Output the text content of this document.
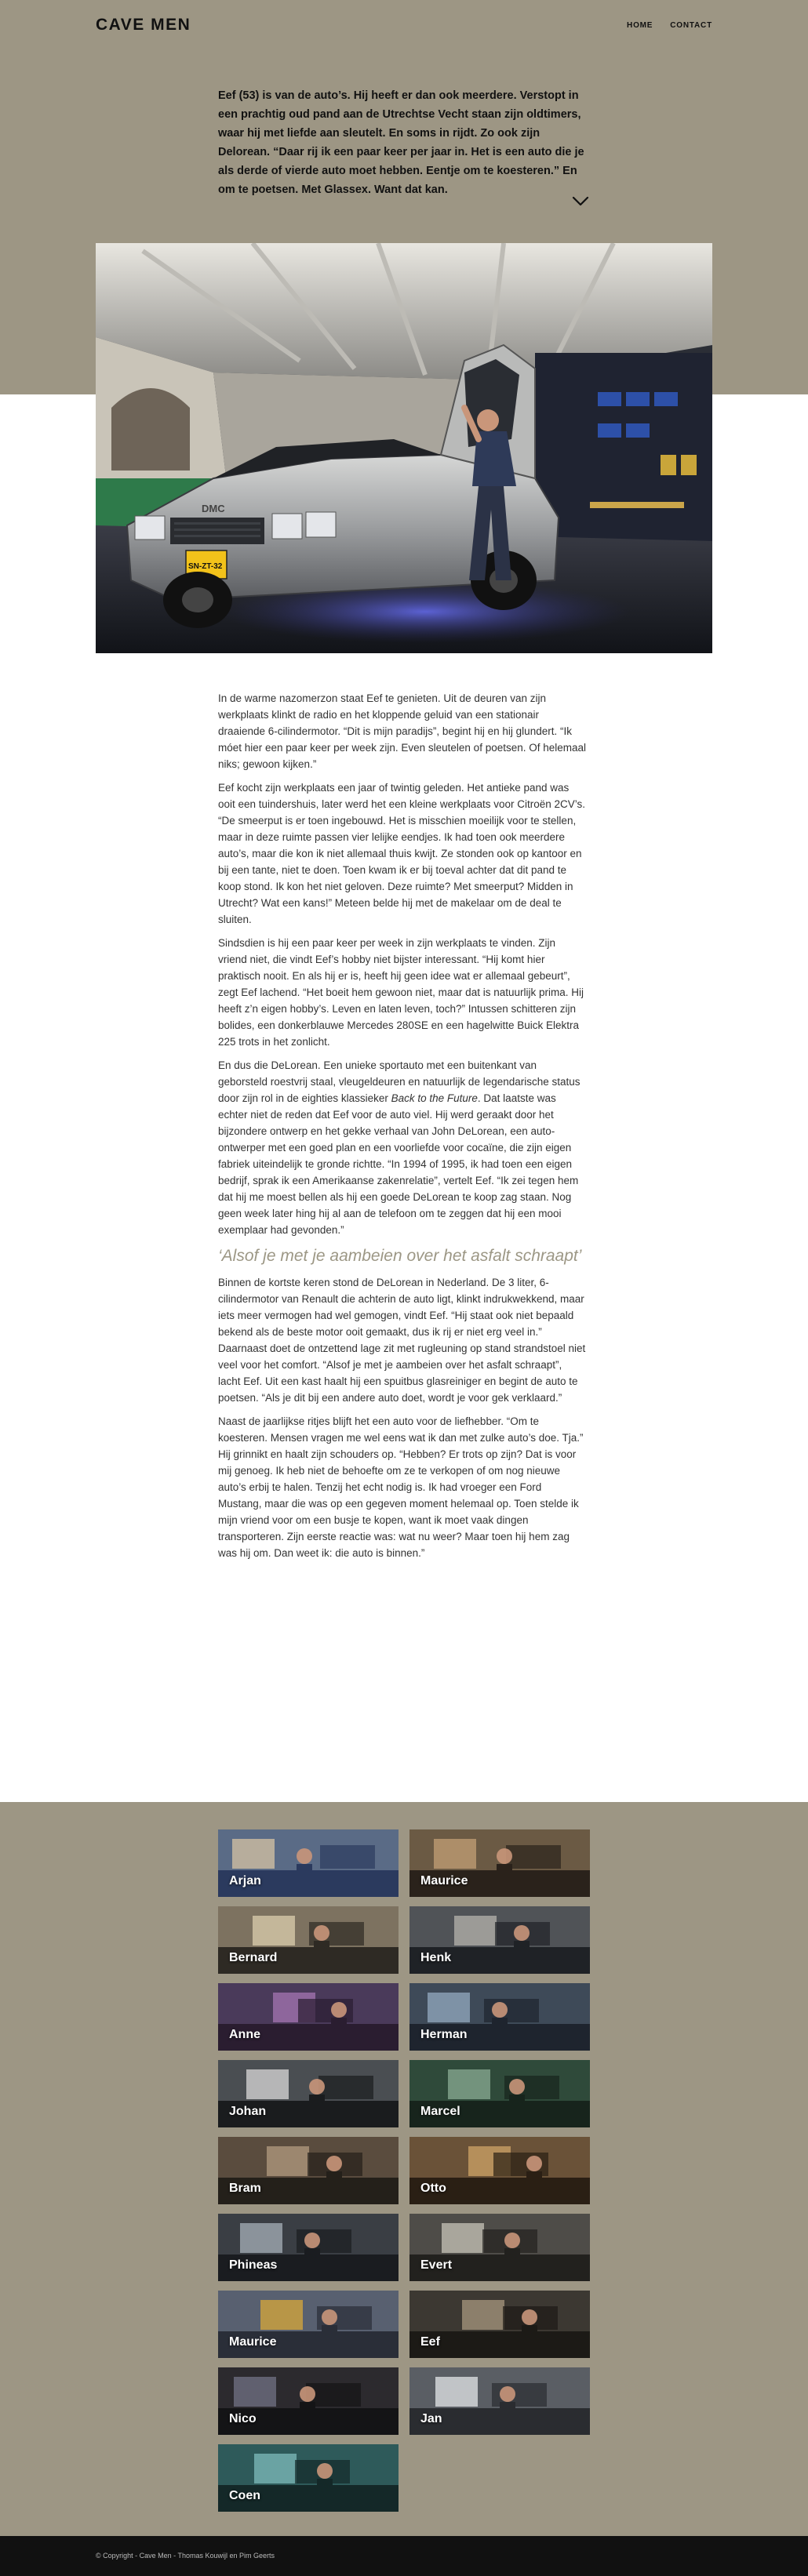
CAVE MEN	HOME CONTACT

Eef (53) is van de auto’s. Hij heeft er dan ook meerdere. Verstopt in een prachtig oud pand aan de Utrechtse Vecht staan zijn oldtimers, waar hij met liefde aan sleutelt. En soms in rijdt. Zo ook zijn Delorean. “Daar rij ik een paar keer per jaar in. Het is een auto die je als derde of vierde auto moet hebben. Eentje om te koesteren.” En om te poetsen. Met Glassex. Want dat kan.

DMC
SN-ZT-32

In de warme nazomerzon staat Eef te genieten. Uit de deuren van zijn werkplaats klinkt de radio en het kloppende geluid van een stationair draaiende 6-cilindermotor. “Dit is mijn paradijs”, begint hij en hij glundert. “Ik móet hier een paar keer per week zijn. Even sleutelen of poetsen. Of helemaal niks; gewoon kijken.”

Eef kocht zijn werkplaats een jaar of twintig geleden. Het antieke pand was ooit een tuindershuis, later werd het een kleine werkplaats voor Citroën 2CV’s. “De smeerput is er toen ingebouwd. Het is misschien moeilijk voor te stellen, maar in deze ruimte passen vier lelijke eendjes. Ik had toen ook meerdere auto’s, maar die kon ik niet allemaal thuis kwijt. Ze stonden ook op kantoor en bij een tante, niet te doen. Toen kwam ik er bij toeval achter dat dit pand te koop stond. Ik kon het niet geloven. Deze ruimte? Met smeerput? Midden in Utrecht? Wat een kans!” Meteen belde hij met de makelaar om de deal te sluiten.

Sindsdien is hij een paar keer per week in zijn werkplaats te vinden. Zijn vriend niet, die vindt Eef’s hobby niet bijster interessant. “Hij komt hier praktisch nooit. En als hij er is, heeft hij geen idee wat er allemaal gebeurt”, zegt Eef lachend. “Het boeit hem gewoon niet, maar dat is natuurlijk prima. Hij heeft z’n eigen hobby’s. Leven en laten leven, toch?” Intussen schitteren zijn bolides, een donkerblauwe Mercedes 280SE en een hagelwitte Buick Elektra 225 trots in het zonlicht.

En dus die DeLorean. Een unieke sportauto met een buitenkant van geborsteld roestvrij staal, vleugeldeuren en natuurlijk de legendarische status door zijn rol in de eighties klassieker Back to the Future. Dat laatste was echter niet de reden dat Eef voor de auto viel. Hij werd geraakt door het bijzondere ontwerp en het gekke verhaal van John DeLorean, een auto-ontwerper met een goed plan en een voorliefde voor cocaïne, die zijn eigen fabriek uiteindelijk te gronde richtte. “In 1994 of 1995, ik had toen een eigen bedrijf, sprak ik een Amerikaanse zakenrelatie”, vertelt Eef. “Ik zei tegen hem dat hij me moest bellen als hij een goede DeLorean te koop zag staan. Nog geen week later hing hij al aan de telefoon om te zeggen dat hij een mooi exemplaar had gevonden.”

‘Alsof je met je aambeien over het asfalt schraapt’

Binnen de kortste keren stond de DeLorean in Nederland. De 3 liter, 6-cilindermotor van Renault die achterin de auto ligt, klinkt indrukwekkend, maar iets meer vermogen had wel gemogen, vindt Eef. “Hij staat ook niet bepaald bekend als de beste motor ooit gemaakt, dus ik rij er niet erg veel in.” Daarnaast doet de ontzettend lage zit met rugleuning op stand strandstoel niet veel voor het comfort. “Alsof je met je aambeien over het asfalt schraapt”, lacht Eef. Uit een kast haalt hij een spuitbus glasreiniger en begint de auto te poetsen. “Als je dit bij een andere auto doet, wordt je voor gek verklaard.”

Naast de jaarlijkse ritjes blijft het een auto voor de liefhebber. “Om te koesteren. Mensen vragen me wel eens wat ik dan met zulke auto’s doe. Tja.” Hij grinnikt en haalt zijn schouders op. “Hebben? Er trots op zijn? Dat is voor mij genoeg. Ik heb niet de behoefte om ze te verkopen of om nog nieuwe auto’s erbij te halen. Tenzij het echt nodig is. Ik had vroeger een Ford Mustang, maar die was op een gegeven moment helemaal op. Toen stelde ik mijn vriend voor om een busje te kopen, want ik moet vaak dingen transporteren. Zijn eerste reactie was: wat nu weer? Maar toen hij hem zag was hij om. Dan weet ik: die auto is binnen.”

Arjan	Maurice
Bernard	Henk
Anne	Herman
Johan	Marcel
Bram	Otto
Phineas	Evert
Maurice	Eef
Nico	Jan
Coen
© Copyright - Cave Men - Thomas Kouwijl en Pim Geerts
